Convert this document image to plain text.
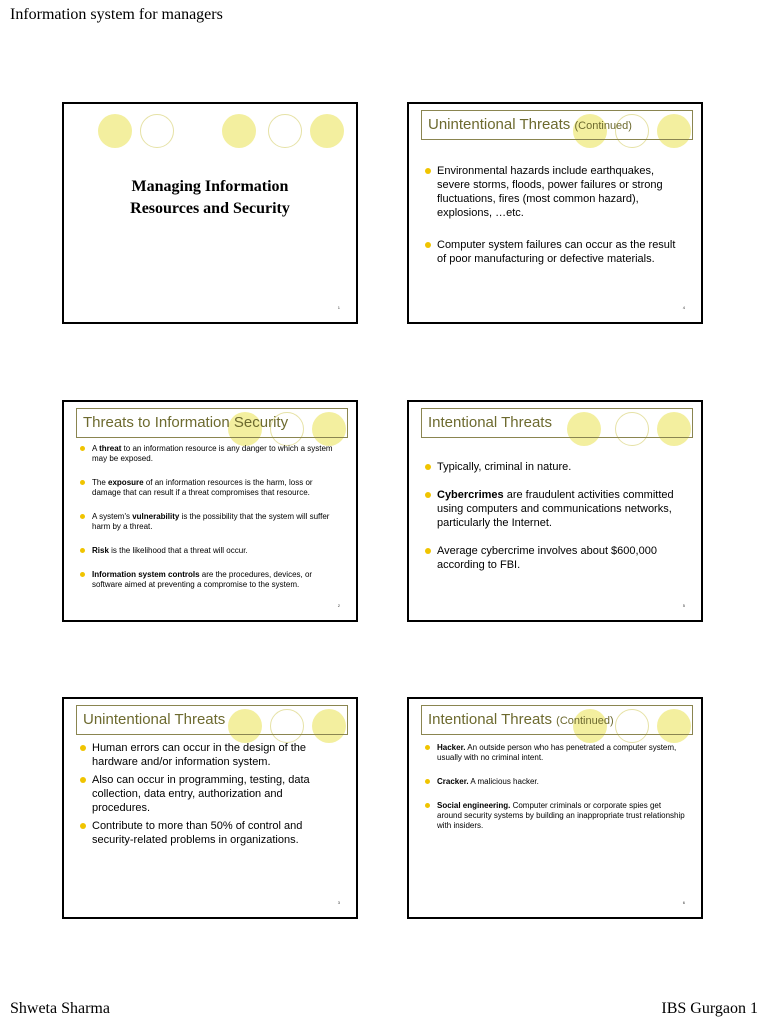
Information system for managers
Managing Information
Resources and Security
1
Unintentional Threats (Continued)
Environmental hazards include earthquakes, severe storms, floods, power failures or strong fluctuations, fires (most common hazard), explosions, …etc.
Computer system failures can occur as the result of poor manufacturing or defective materials.
4
Threats to Information Security
A threat to an information resource is any danger to which a system may be exposed.
The exposure of an information resources is the harm, loss or damage that can result if a threat compromises that resource.
A system's vulnerability is the possibility that the system will suffer harm by a threat.
Risk is the likelihood that a threat will occur.
Information system controls are the procedures, devices, or software aimed at preventing a compromise to the system.
2
Intentional Threats
Typically, criminal in nature.
Cybercrimes are fraudulent activities committed using computers and communications networks, particularly the Internet.
Average cybercrime involves about $600,000 according to FBI.
5
Unintentional Threats
Human errors can occur in the design of the hardware and/or information system.
Also can occur in programming, testing, data collection, data entry, authorization and procedures.
Contribute to more than 50% of control and security-related problems in organizations.
3
Intentional Threats (Continued)
Hacker. An outside person who has penetrated a computer system, usually with no criminal intent.
Cracker. A malicious hacker.
Social engineering. Computer criminals or corporate spies get around security systems by building an inappropriate trust relationship with insiders.
6
Shweta Sharma	IBS Gurgaon 1
